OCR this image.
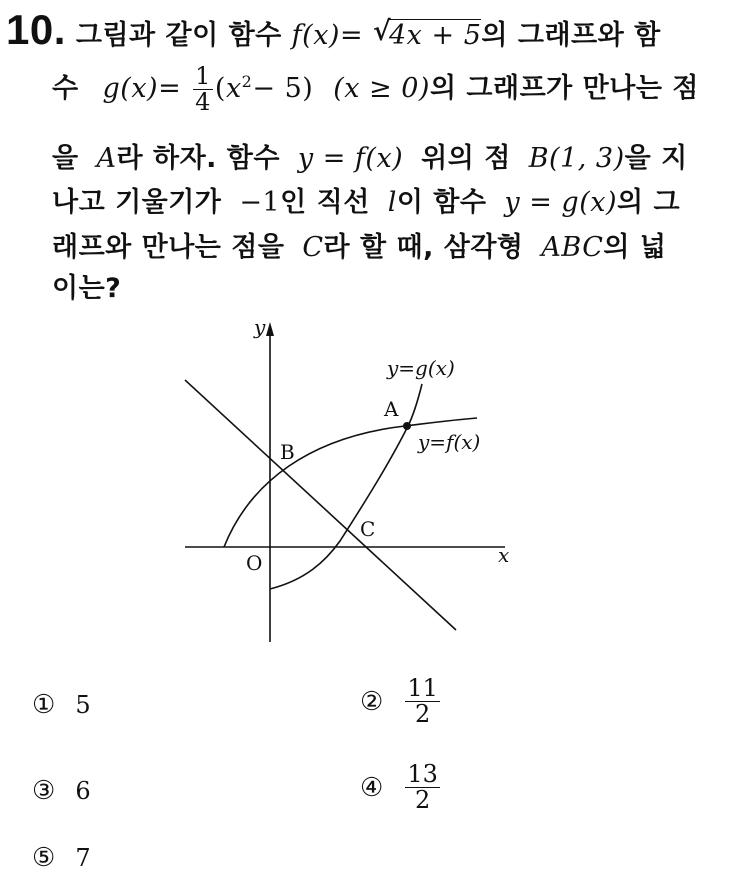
10. 그림과 같이 함수 f(x)= √
4x + 5의 그래프와 함
수 $g(x)= \frac{1}{4} (x^2- 5) (x \ge 0)$의 그래프가 만나는 점
을 A라 하자. 함수 y = f(x) 위의 점 B(1, 3)을 지
나고 기울기가 −1인 직선 l이 함수 y = g(x)의 그
래프와 만나는 점을 C라 할 때, 삼각형 ABC의 넓
이는?
y
x
O
y=g(x)
y=f(x)
A
B
C
① 5	② $\frac{11}{2}$
③ 6	④ $\frac{13}{2}$
⑤ 7
